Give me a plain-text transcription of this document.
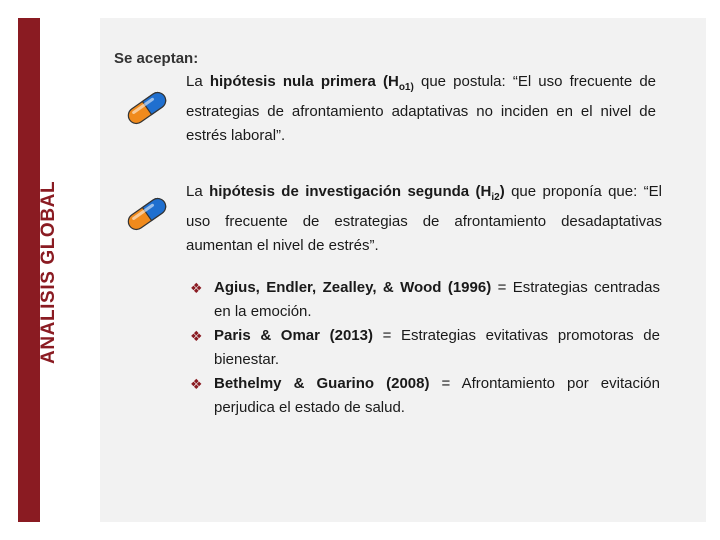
ANÁLISIS GLOBAL
Se aceptan:
La hipótesis nula primera ($H_{o1)}$ que postula: “El uso frecuente de estrategias de afrontamiento adaptativas no inciden en el nivel de estrés laboral”.
La hipótesis de investigación segunda $(H_{i2})$ que proponía que: “El uso frecuente de estrategias de afrontamiento desadaptativas aumentan el nivel de estrés”.
❖ Agius, Endler, Zealley, & Wood (1996) = Estrategias centradas en la emoción.
❖ Paris & Omar (2013) = Estrategias evitativas promotoras de bienestar.
❖ Bethelmy & Guarino (2008) = Afrontamiento por evitación perjudica el estado de salud.
